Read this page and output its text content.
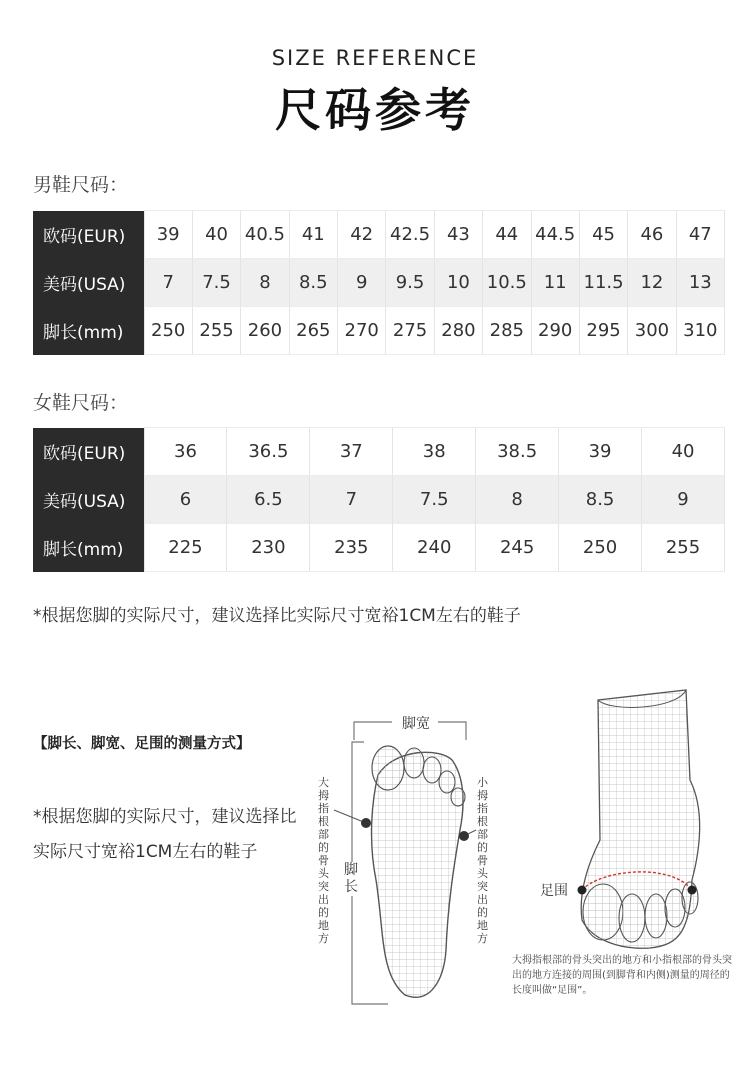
SIZE REFERENCE
尺码参考
男鞋尺码：
欧码(EUR)	39	40	40.5	41	42	42.5	43	44	44.5	45	46	47
美码(USA)	7	7.5	8	8.5	9	9.5	10	10.5	11	11.5	12	13
脚长(mm)	250	255	260	265	270	275	280	285	290	295	300	310
女鞋尺码：
欧码(EUR)	36	36.5	37	38	38.5	39	40
美码(USA)	6	6.5	7	7.5	8	8.5	9
脚长(mm)	225	230	235	240	245	250	255
*根据您脚的实际尺寸，建议选择比实际尺寸宽裕1CM左右的鞋子
【脚长、脚宽、足围的测量方式】
*根据您脚的实际尺寸，建议选择比实际尺寸宽裕1CM左右的鞋子
脚宽
脚长
大拇指根部的骨头突出的地方
小拇指根部的骨头突出的地方
足围
大拇指根部的骨头突出的地方和小指根部的骨头突出的地方连接的周围(到脚背和内侧)测量的周径的长度叫做“足围”。
